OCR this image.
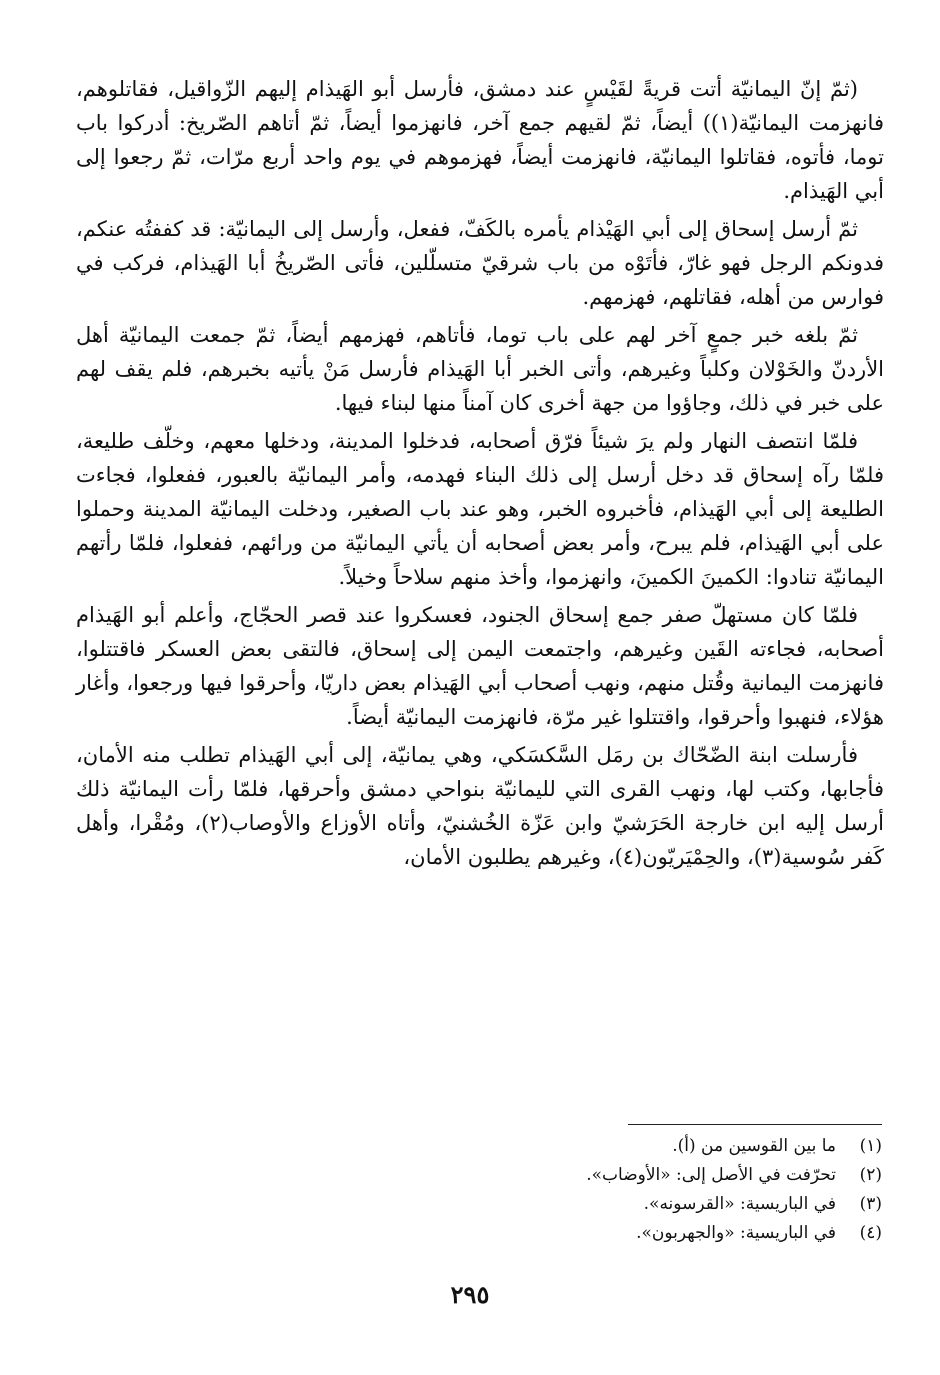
(ثمّ إنّ اليمانيّة أتت قريةً لقَيْسٍ عند دمشق، فأرسل أبو الهَيذام إليهم الزّواقيل، فقاتلوهم، فانهزمت اليمانيّة(١)) أيضاً، ثمّ لقيهم جمع آخر، فانهزموا أيضاً، ثمّ أتاهم الصّريخ: أدركوا باب توما، فأتوه، فقاتلوا اليمانيّة، فانهزمت أيضاً، فهزموهم في يوم واحد أربع مرّات، ثمّ رجعوا إلى أبي الهَيذام.

ثمّ أرسل إسحاق إلى أبي الهَيْذام يأمره بالكَفّ، ففعل، وأرسل إلى اليمانيّة: قد كففتُه عنكم، فدونكم الرجل فهو غارّ، فأتَوْه من باب شرقيّ متسلّلين، فأتى الصّريخُ أبا الهَيذام، فركب في فوارس من أهله، فقاتلهم، فهزمهم.

ثمّ بلغه خبر جمعٍ آخر لهم على باب توما، فأتاهم، فهزمهم أيضاً، ثمّ جمعت اليمانيّة أهل الأردنّ والخَوْلان وكلباً وغيرهم، وأتى الخبر أبا الهَيذام فأرسل مَنْ يأتيه بخبرهم، فلم يقف لهم على خبر في ذلك، وجاؤوا من جهة أخرى كان آمناً منها لبناء فيها.

فلمّا انتصف النهار ولم يرَ شيئاً فرّق أصحابه، فدخلوا المدينة، ودخلها معهم، وخلّف طليعة، فلمّا رآه إسحاق قد دخل أرسل إلى ذلك البناء فهدمه، وأمر اليمانيّة بالعبور، ففعلوا، فجاءت الطليعة إلى أبي الهَيذام، فأخبروه الخبر، وهو عند باب الصغير، ودخلت اليمانيّة المدينة وحملوا على أبي الهَيذام، فلم يبرح، وأمر بعض أصحابه أن يأتي اليمانيّة من ورائهم، ففعلوا، فلمّا رأتهم اليمانيّة تنادوا: الكمينَ الكمينَ، وانهزموا، وأخذ منهم سلاحاً وخيلاً.

فلمّا كان مستهلّ صفر جمع إسحاق الجنود، فعسكروا عند قصر الحجّاج، وأعلم أبو الهَيذام أصحابه، فجاءته القَين وغيرهم، واجتمعت اليمن إلى إسحاق، فالتقى بعض العسكر فاقتتلوا، فانهزمت اليمانية وقُتل منهم، ونهب أصحاب أبي الهَيذام بعض داريّا، وأحرقوا فيها ورجعوا، وأغار هؤلاء، فنهبوا وأحرقوا، واقتتلوا غير مرّة، فانهزمت اليمانيّة أيضاً.

فأرسلت ابنة الضّحّاك بن رمَل السَّكسَكي، وهي يمانيّة، إلى أبي الهَيذام تطلب منه الأمان، فأجابها، وكتب لها، ونهب القرى التي لليمانيّة بنواحي دمشق وأحرقها، فلمّا رأت اليمانيّة ذلك أرسل إليه ابن خارجة الحَرَشيّ وابن عَزّة الخُشنيّ، وأتاه الأوزاع والأوصاب(٢)، ومُقْرا، وأهل كَفر سُوسية(٣)، والحِمْيَريّون(٤)، وغيرهم يطلبون الأمان،

(١)
ما بين القوسين من (أ).
(٢)
تحرّفت في الأصل إلى: «الأوضاب».
(٣)
في الباريسية: «القرسونه».
(٤)
في الباريسية: «والجهربون».
٢٩٥
